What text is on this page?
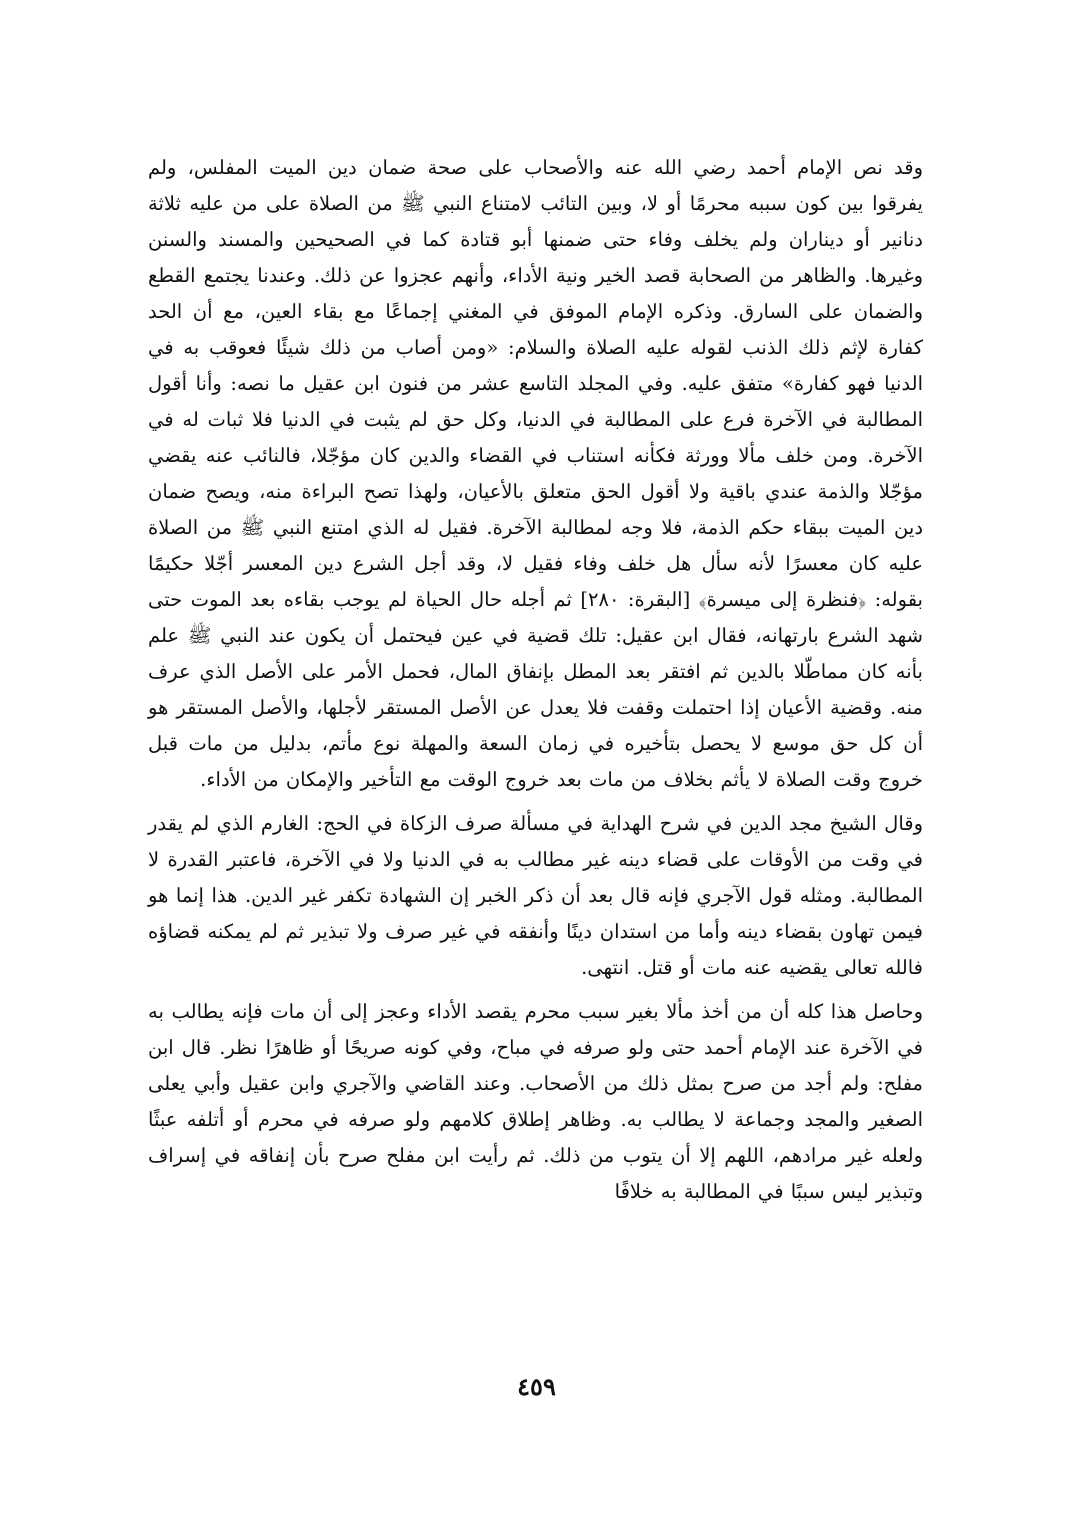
وقد نص الإمام أحمد رضي الله عنه والأصحاب على صحة ضمان دين الميت المفلس، ولم يفرقوا بين كون سببه محرمًا أو لا، وبين التائب لامتناع النبي ﷺ من الصلاة على من عليه ثلاثة دنانير أو ديناران ولم يخلف وفاء حتى ضمنها أبو قتادة كما في الصحيحين والمسند والسنن وغيرها. والظاهر من الصحابة قصد الخير ونية الأداء، وأنهم عجزوا عن ذلك. وعندنا يجتمع القطع والضمان على السارق. وذكره الإمام الموفق في المغني إجماعًا مع بقاء العين، مع أن الحد كفارة لإثم ذلك الذنب لقوله عليه الصلاة والسلام: «ومن أصاب من ذلك شيئًا فعوقب به في الدنيا فهو كفارة» متفق عليه. وفي المجلد التاسع عشر من فنون ابن عقيل ما نصه: وأنا أقول المطالبة في الآخرة فرع على المطالبة في الدنيا، وكل حق لم يثبت في الدنيا فلا ثبات له في الآخرة. ومن خلف مألا وورثة فكأنه استناب في القضاء والدين كان مؤجّلا، فالنائب عنه يقضي مؤجّلا والذمة عندي باقية ولا أقول الحق متعلق بالأعيان، ولهذا تصح البراءة منه، ويصح ضمان دين الميت ببقاء حكم الذمة، فلا وجه لمطالبة الآخرة. فقيل له الذي امتنع النبي ﷺ من الصلاة عليه كان معسرًا لأنه سأل هل خلف وفاء فقيل لا، وقد أجل الشرع دين المعسر أجّلا حكيمًا بقوله: ﴿فنظرة إلى ميسرة﴾ [البقرة: ٢٨٠] ثم أجله حال الحياة لم يوجب بقاءه بعد الموت حتى شهد الشرع بارتهانه، فقال ابن عقيل: تلك قضية في عين فيحتمل أن يكون عند النبي ﷺ علم بأنه كان مماطّلا بالدين ثم افتقر بعد المطل بإنفاق المال، فحمل الأمر على الأصل الذي عرف منه. وقضية الأعيان إذا احتملت وقفت فلا يعدل عن الأصل المستقر لأجلها، والأصل المستقر هو أن كل حق موسع لا يحصل بتأخيره في زمان السعة والمهلة نوع مأتم، بدليل من مات قبل خروج وقت الصلاة لا يأثم بخلاف من مات بعد خروج الوقت مع التأخير والإمكان من الأداء.

وقال الشيخ مجد الدين في شرح الهداية في مسألة صرف الزكاة في الحج: الغارم الذي لم يقدر في وقت من الأوقات على قضاء دينه غير مطالب به في الدنيا ولا في الآخرة، فاعتبر القدرة لا المطالبة. ومثله قول الآجري فإنه قال بعد أن ذكر الخبر إن الشهادة تكفر غير الدين. هذا إنما هو فيمن تهاون بقضاء دينه وأما من استدان دينًا وأنفقه في غير صرف ولا تبذير ثم لم يمكنه قضاؤه فالله تعالى يقضيه عنه مات أو قتل. انتهى.

وحاصل هذا كله أن من أخذ مألا بغير سبب محرم يقصد الأداء وعجز إلى أن مات فإنه يطالب به في الآخرة عند الإمام أحمد حتى ولو صرفه في مباح، وفي كونه صريحًا أو ظاهرًا نظر. قال ابن مفلح: ولم أجد من صرح بمثل ذلك من الأصحاب. وعند القاضي والآجري وابن عقيل وأبي يعلى الصغير والمجد وجماعة لا يطالب به. وظاهر إطلاق كلامهم ولو صرفه في محرم أو أتلفه عبثًا ولعله غير مرادهم، اللهم إلا أن يتوب من ذلك. ثم رأيت ابن مفلح صرح بأن إنفاقه في إسراف وتبذير ليس سببًا في المطالبة به خلافًا

٤٥٩
